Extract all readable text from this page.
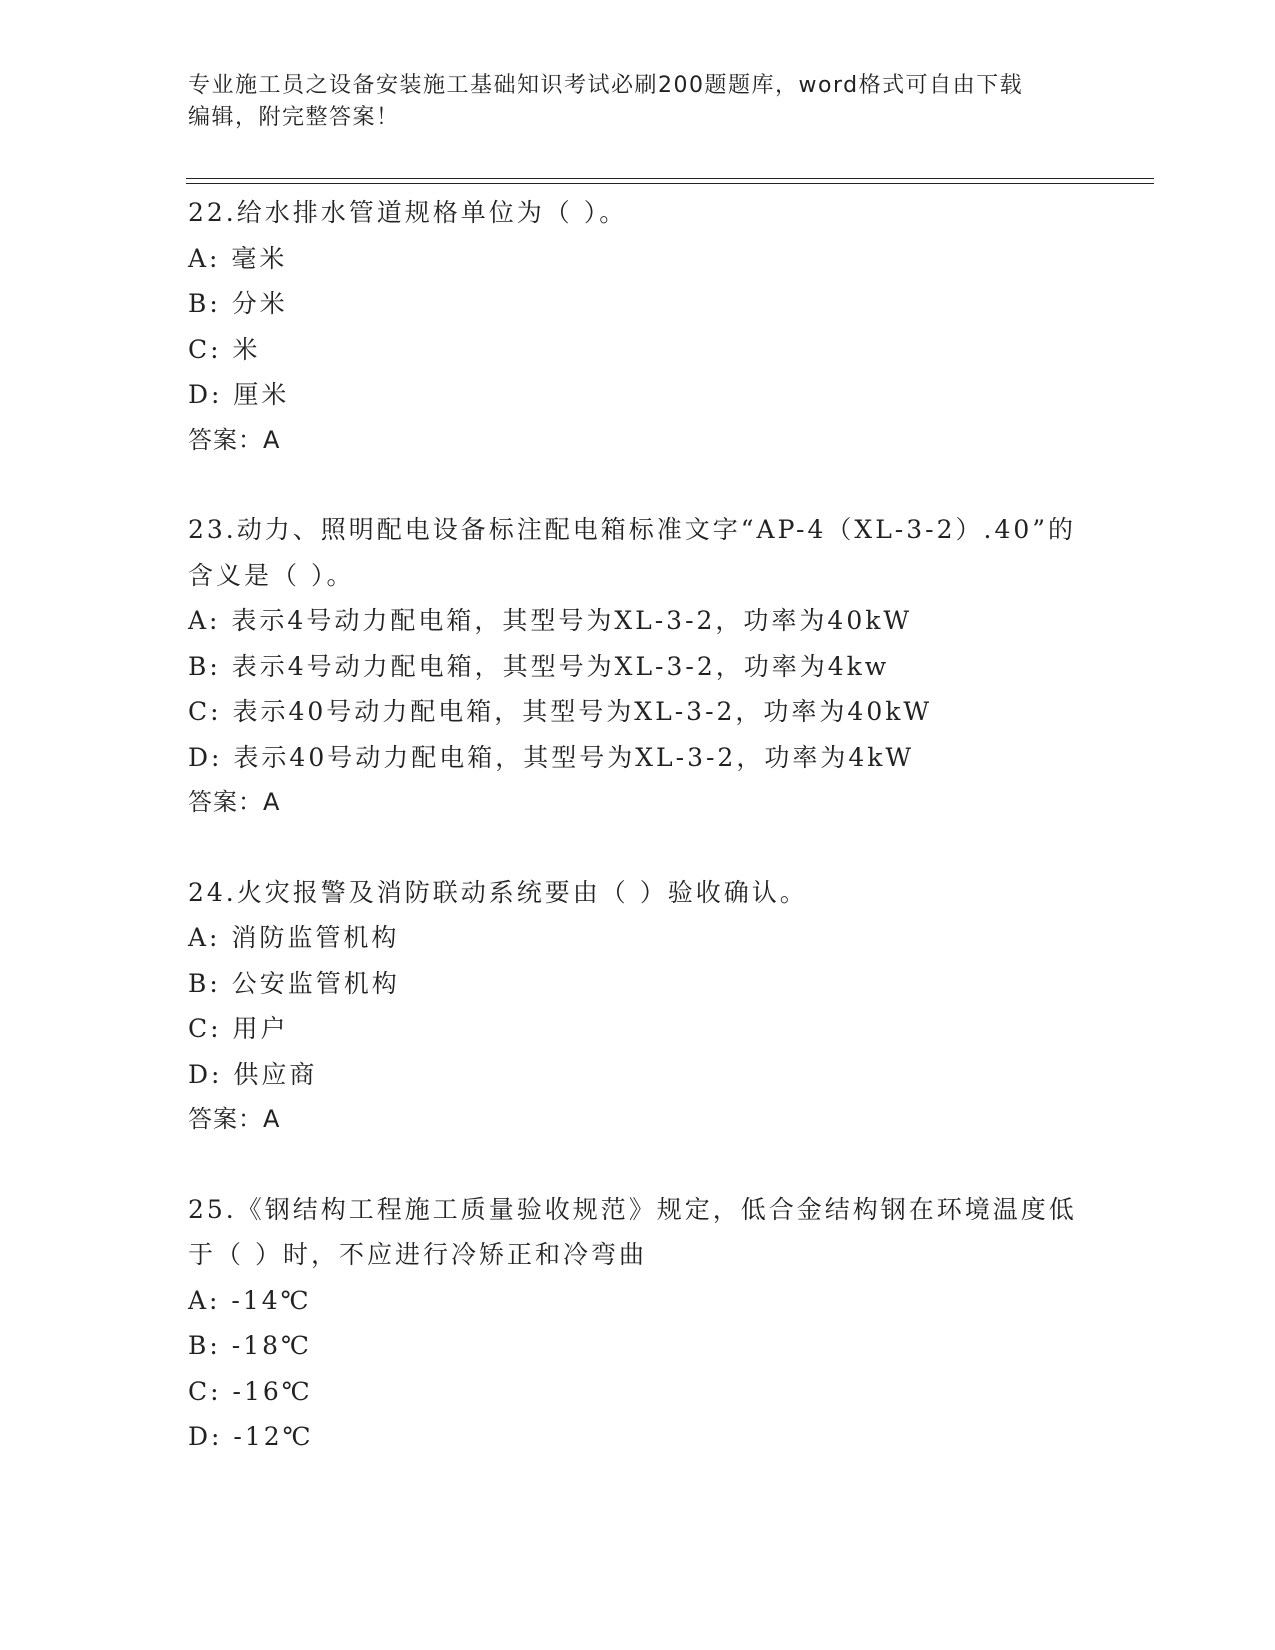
专业施工员之设备安装施工基础知识考试必刷200题题库，word格式可自由下载
编辑，附完整答案！

22.给水排水管道规格单位为（ ）。

A: 毫米

B: 分米

C: 米

D: 厘米

答案：A

23.动力、照明配电设备标注配电箱标准文字“AP-4（XL-3-2）.40”的含义是（ ）。

A: 表示4号动力配电箱，其型号为XL-3-2，功率为40kW

B: 表示4号动力配电箱，其型号为XL-3-2，功率为4kw

C: 表示40号动力配电箱，其型号为XL-3-2，功率为40kW

D: 表示40号动力配电箱，其型号为XL-3-2，功率为4kW

答案：A

24.火灾报警及消防联动系统要由（ ）验收确认。

A: 消防监管机构

B: 公安监管机构

C: 用户

D: 供应商

答案：A

25.《钢结构工程施工质量验收规范》规定，低合金结构钢在环境温度低于（ ）时，不应进行冷矫正和冷弯曲

A: -14℃

B: -18℃

C: -16℃

D: -12℃
